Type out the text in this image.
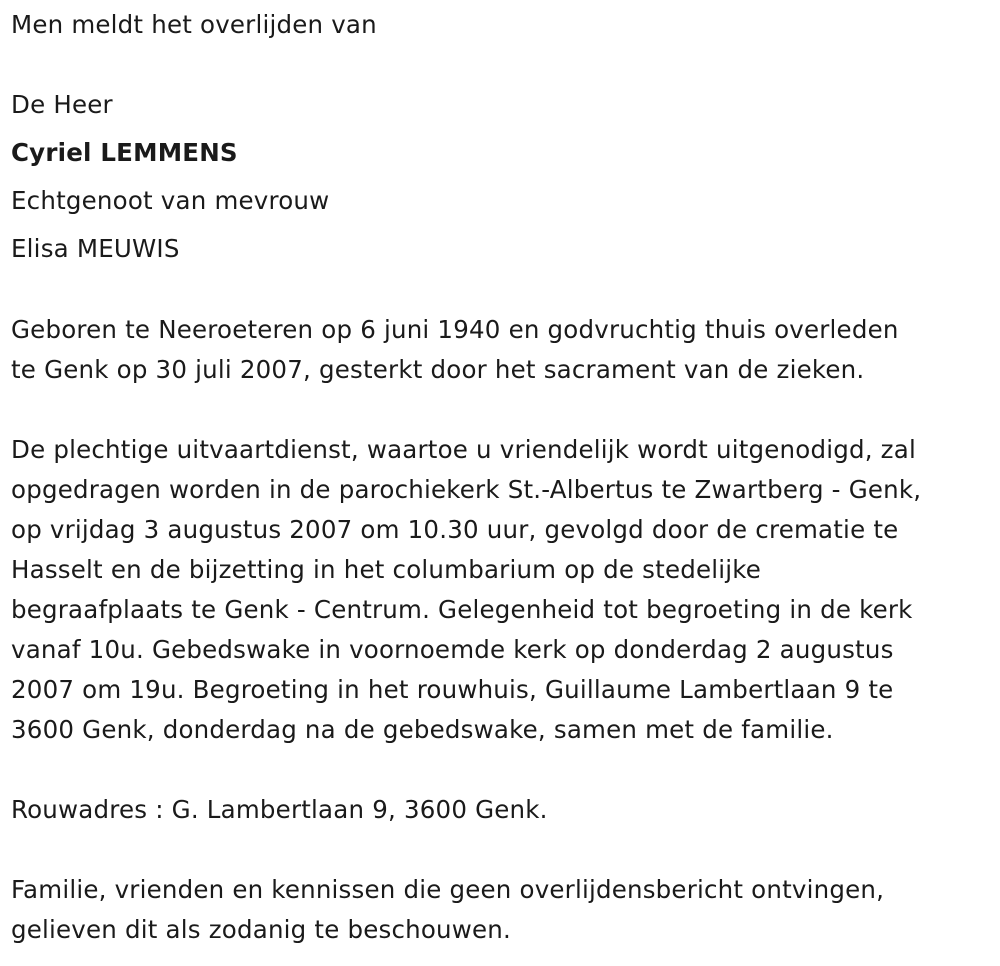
Men meldt het overlijden van

De Heer

Cyriel LEMMENS

Echtgenoot van mevrouw

Elisa MEUWIS

Geboren te Neeroeteren op 6 juni 1940 en godvruchtig thuis overleden
te Genk op 30 juli 2007, gesterkt door het sacrament van de zieken.
De plechtige uitvaartdienst, waartoe u vriendelijk wordt uitgenodigd, zal
opgedragen worden in de parochiekerk St.-Albertus te Zwartberg - Genk,
op vrijdag 3 augustus 2007 om 10.30 uur, gevolgd door de crematie te
Hasselt en de bijzetting in het columbarium op de stedelijke
begraafplaats te Genk - Centrum. Gelegenheid tot begroeting in de kerk
vanaf 10u. Gebedswake in voornoemde kerk op donderdag 2 augustus
2007 om 19u. Begroeting in het rouwhuis, Guillaume Lambertlaan 9 te
3600 Genk, donderdag na de gebedswake, samen met de familie.

Rouwadres : G. Lambertlaan 9, 3600 Genk.

Familie, vrienden en kennissen die geen overlijdensbericht ontvingen,
gelieven dit als zodanig te beschouwen.
